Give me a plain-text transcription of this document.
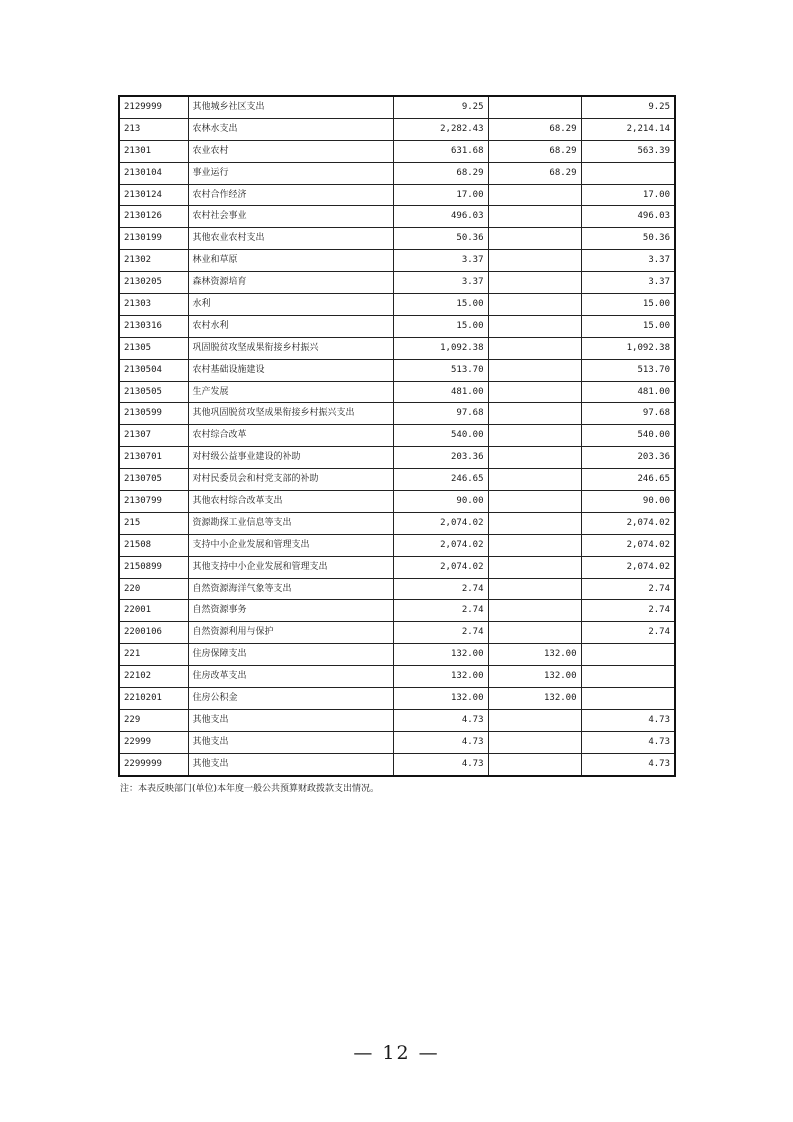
2129999	其他城乡社区支出	9.25		9.25
213	农林水支出	2,282.43	68.29	2,214.14
21301	农业农村	631.68	68.29	563.39
2130104	事业运行	68.29	68.29	
2130124	农村合作经济	17.00		17.00
2130126	农村社会事业	496.03		496.03
2130199	其他农业农村支出	50.36		50.36
21302	林业和草原	3.37		3.37
2130205	森林资源培育	3.37		3.37
21303	水利	15.00		15.00
2130316	农村水利	15.00		15.00
21305	巩固脱贫攻坚成果衔接乡村振兴	1,092.38		1,092.38
2130504	农村基础设施建设	513.70		513.70
2130505	生产发展	481.00		481.00
2130599	其他巩固脱贫攻坚成果衔接乡村振兴支出	97.68		97.68
21307	农村综合改革	540.00		540.00
2130701	对村级公益事业建设的补助	203.36		203.36
2130705	对村民委员会和村党支部的补助	246.65		246.65
2130799	其他农村综合改革支出	90.00		90.00
215	资源勘探工业信息等支出	2,074.02		2,074.02
21508	支持中小企业发展和管理支出	2,074.02		2,074.02
2150899	其他支持中小企业发展和管理支出	2,074.02		2,074.02
220	自然资源海洋气象等支出	2.74		2.74
22001	自然资源事务	2.74		2.74
2200106	自然资源利用与保护	2.74		2.74
221	住房保障支出	132.00	132.00	
22102	住房改革支出	132.00	132.00	
2210201	住房公积金	132.00	132.00	
229	其他支出	4.73		4.73
22999	其他支出	4.73		4.73
2299999	其他支出	4.73		4.73
注：本表反映部门(单位)本年度一般公共预算财政拨款支出情况。
— 12 —
